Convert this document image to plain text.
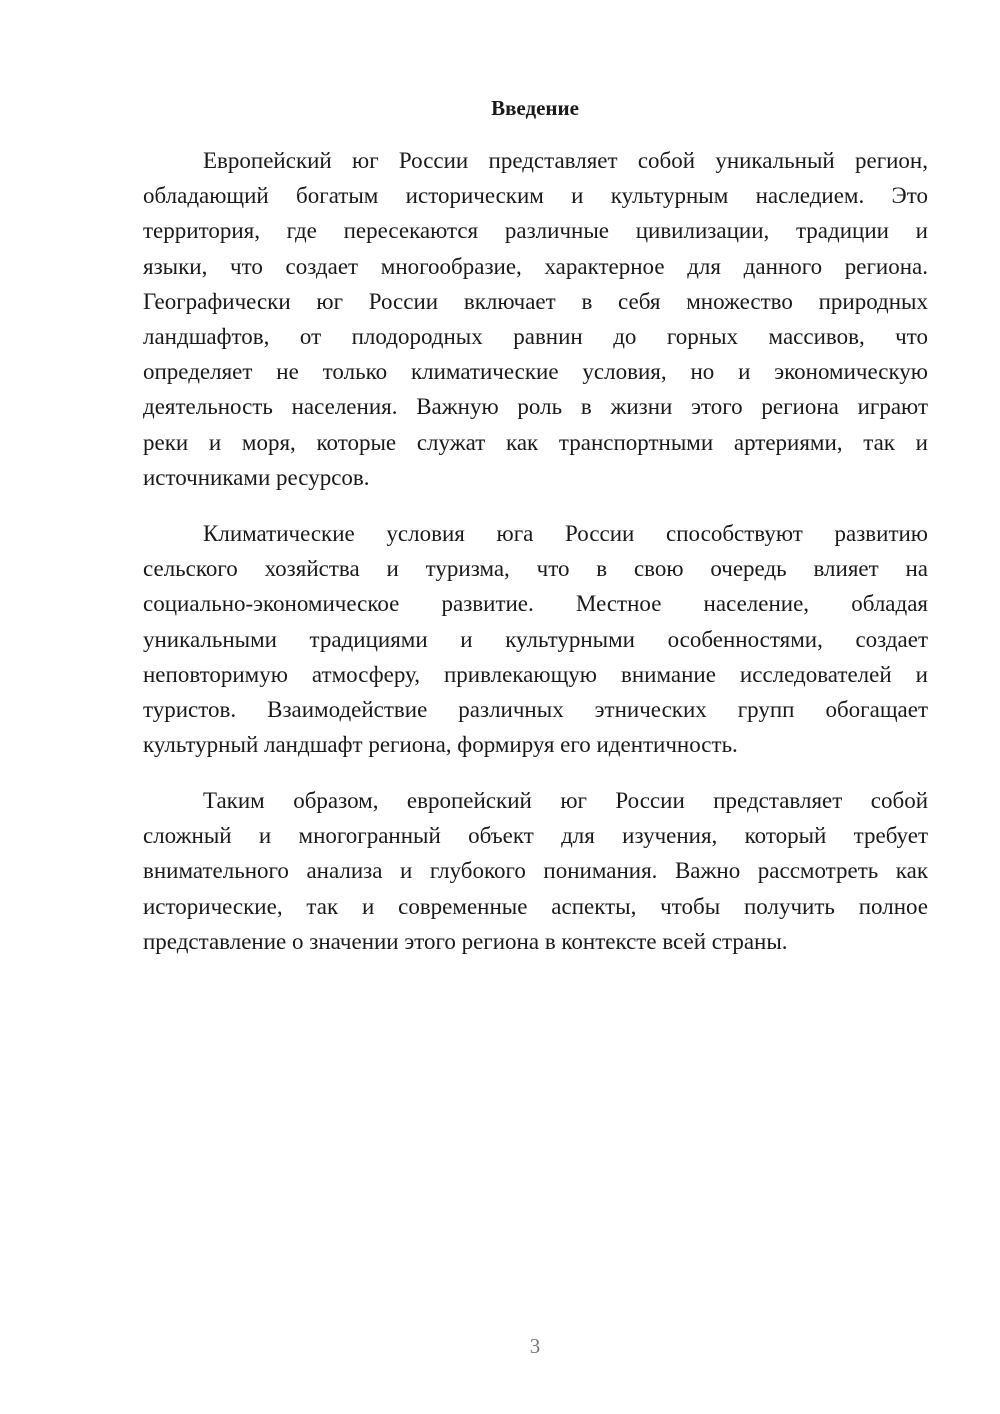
Введение
Европейский юг России представляет собой уникальный регион,
обладающий богатым историческим и культурным наследием. Это
территория, где пересекаются различные цивилизации, традиции и
языки, что создает многообразие, характерное для данного региона.
Географически юг России включает в себя множество природных
ландшафтов, от плодородных равнин до горных массивов, что
определяет не только климатические условия, но и экономическую
деятельность населения. Важную роль в жизни этого региона играют
реки и моря, которые служат как транспортными артериями, так и
источниками ресурсов.
Климатические условия юга России способствуют развитию
сельского хозяйства и туризма, что в свою очередь влияет на
социально-экономическое развитие. Местное население, обладая
уникальными традициями и культурными особенностями, создает
неповторимую атмосферу, привлекающую внимание исследователей и
туристов. Взаимодействие различных этнических групп обогащает
культурный ландшафт региона, формируя его идентичность.
Таким образом, европейский юг России представляет собой
сложный и многогранный объект для изучения, который требует
внимательного анализа и глубокого понимания. Важно рассмотреть как
исторические, так и современные аспекты, чтобы получить полное
представление о значении этого региона в контексте всей страны.
3
